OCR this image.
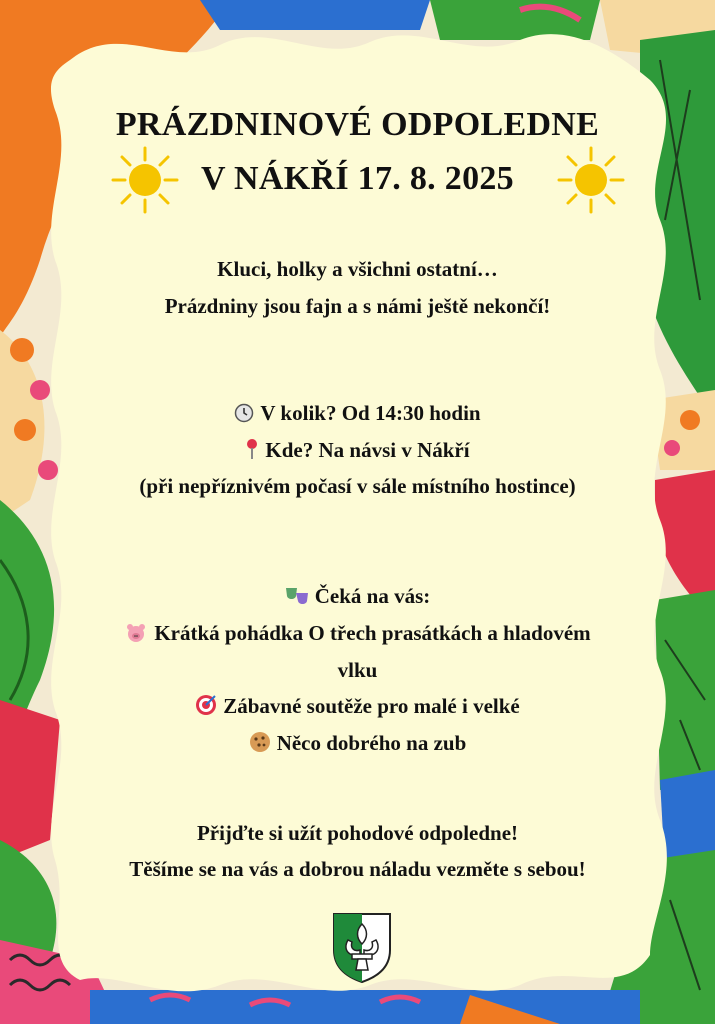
PRÁZDNINOVÉ ODPOLEDNE
V NÁKŘÍ 17. 8. 2025
Kluci, holky a všichni ostatní…
Prázdniny jsou fajn a s námi ještě nekončí!
V kolik? Od 14:30 hodin
Kde? Na návsi v Nákří
(při nepříznivém počasí v sále místního hostince)
Čeká na vás:
Krátká pohádka O třech prasátkách a hladovém
vlku
Zábavné soutěže pro malé i velké
Něco dobrého na zub
Přijďte si užít pohodové odpoledne!
Těšíme se na vás a dobrou náladu vezměte s sebou!
